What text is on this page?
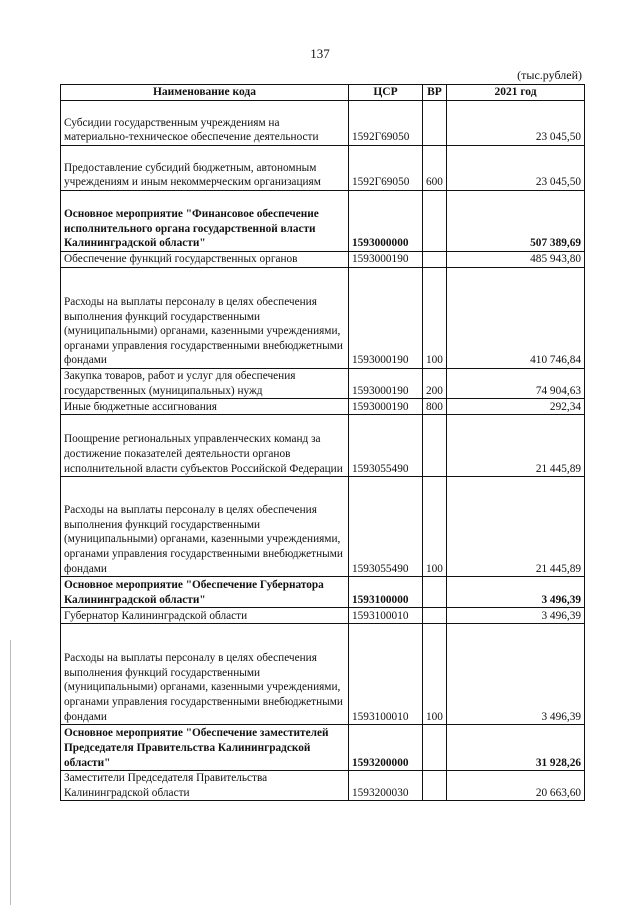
137
(тыс.рублей)
Наименование кода	ЦСР	ВР	2021 год
Субсидии государственным учреждениям на материально-техническое обеспечение деятельности	1592Г69050		23 045,50
Предоставление субсидий бюджетным, автономным учреждениям и иным некоммерческим организациям	1592Г69050	600	23 045,50
Основное мероприятие "Финансовое обеспечение исполнительного органа государственной власти Калининградской области"	1593000000		507 389,69
Обеспечение функций государственных органов	1593000190		485 943,80
Расходы на выплаты персоналу в целях обеспечения выполнения функций государственными (муниципальными) органами, казенными учреждениями, органами управления государственными внебюджетными фондами	1593000190	100	410 746,84
Закупка товаров, работ и услуг для обеспечения государственных (муниципальных) нужд	1593000190	200	74 904,63
Иные бюджетные ассигнования	1593000190	800	292,34
Поощрение региональных управленческих команд за достижение показателей деятельности органов исполнительной власти субъектов Российской Федерации	1593055490		21 445,89
Расходы на выплаты персоналу в целях обеспечения выполнения функций государственными (муниципальными) органами, казенными учреждениями, органами управления государственными внебюджетными фондами	1593055490	100	21 445,89
Основное мероприятие "Обеспечение Губернатора Калининградской области"	1593100000		3 496,39
Губернатор Калининградской области	1593100010		3 496,39
Расходы на выплаты персоналу в целях обеспечения выполнения функций государственными (муниципальными) органами, казенными учреждениями, органами управления государственными внебюджетными фондами	1593100010	100	3 496,39
Основное мероприятие "Обеспечение заместителей Председателя Правительства Калининградской области"	1593200000		31 928,26
Заместители Председателя Правительства Калининградской области	1593200030		20 663,60
